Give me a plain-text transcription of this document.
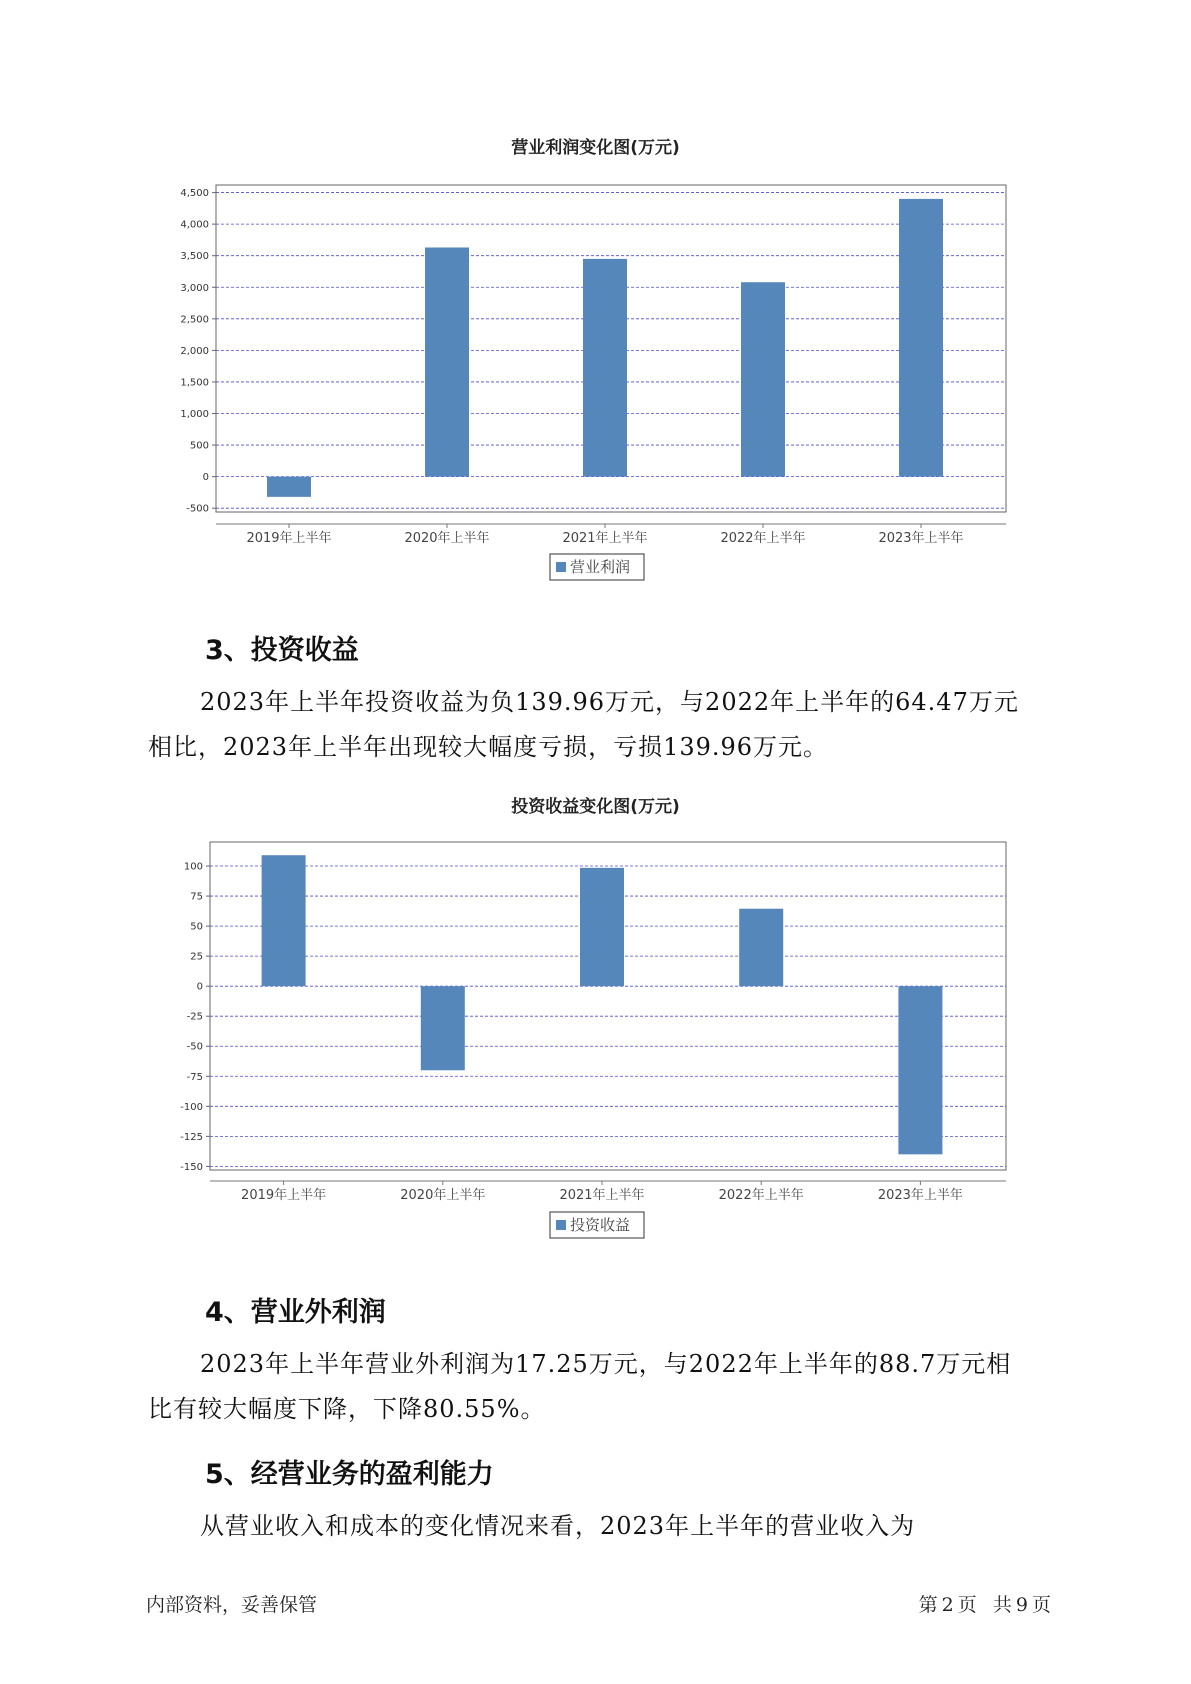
营业利润变化图(万元)
-500
0
500
1,000
1,500
2,000
2,500
3,000
3,500
4,000
4,500
2019年上半年	2020年上半年	2021年上半年	2022年上半年	2023年上半年
营业利润
3、投资收益
2023年上半年投资收益为负139.96万元，与2022年上半年的64.47万元
相比，2023年上半年出现较大幅度亏损，亏损139.96万元。
投资收益变化图(万元)
-150
-125
-100
-75
-50
-25
0
25
50
75
100
2019年上半年	2020年上半年	2021年上半年	2022年上半年	2023年上半年
投资收益
4、营业外利润
2023年上半年营业外利润为17.25万元，与2022年上半年的88.7万元相
比有较大幅度下降，下降80.55%。
5、经营业务的盈利能力
从营业收入和成本的变化情况来看，2023年上半年的营业收入为
内部资料，妥善保管	第 2 页 共 9 页
